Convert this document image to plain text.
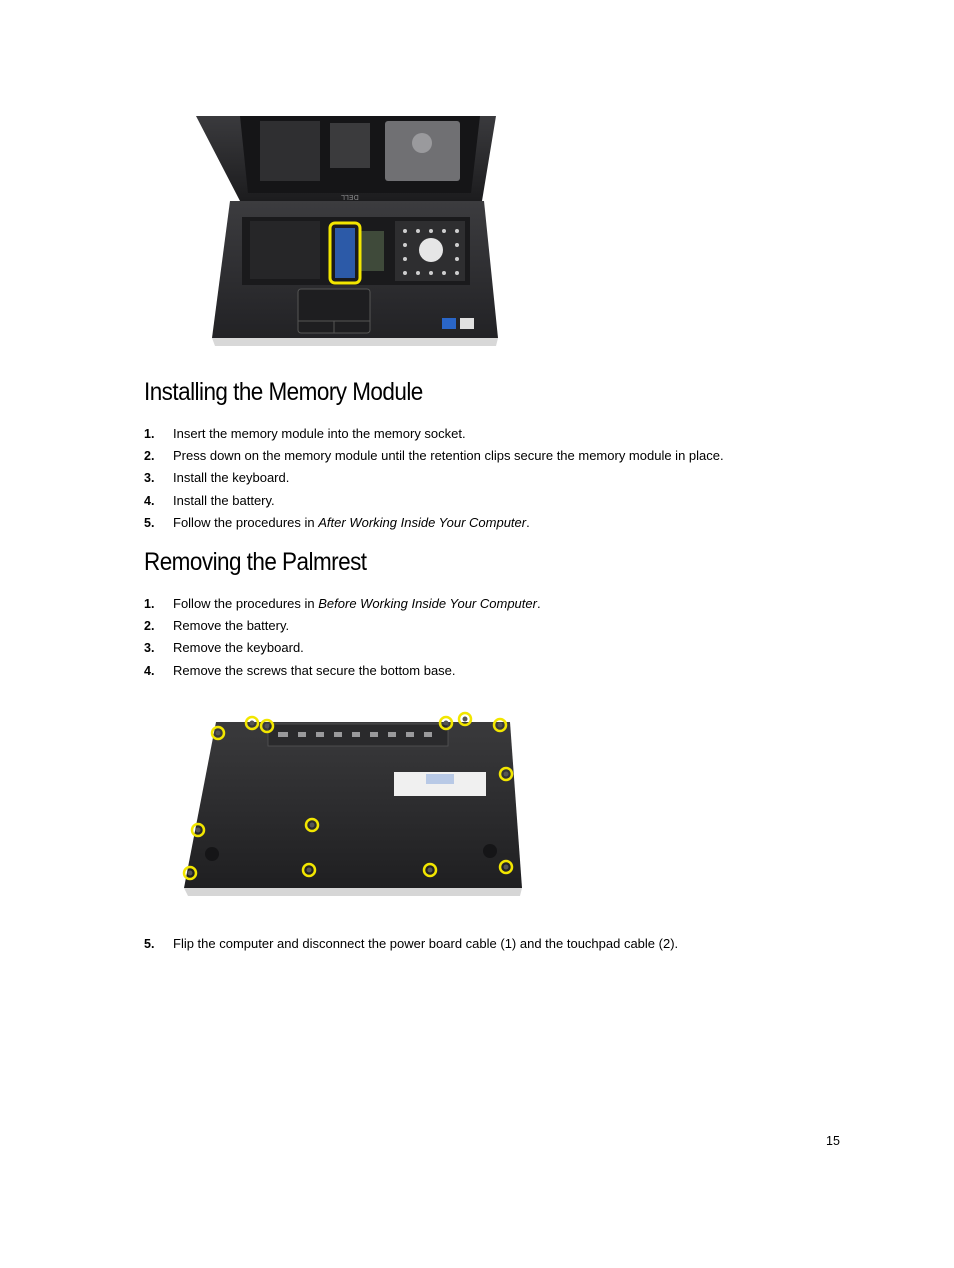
DELL
Installing the Memory Module
1. Insert the memory module into the memory socket.
2. Press down on the memory module until the retention clips secure the memory module in place.
3. Install the keyboard.
4. Install the battery.
5. Follow the procedures in After Working Inside Your Computer.
Removing the Palmrest
1. Follow the procedures in Before Working Inside Your Computer.
2. Remove the battery.
3. Remove the keyboard.
4. Remove the screws that secure the bottom base.
5. Flip the computer and disconnect the power board cable (1) and the touchpad cable (2).
15
